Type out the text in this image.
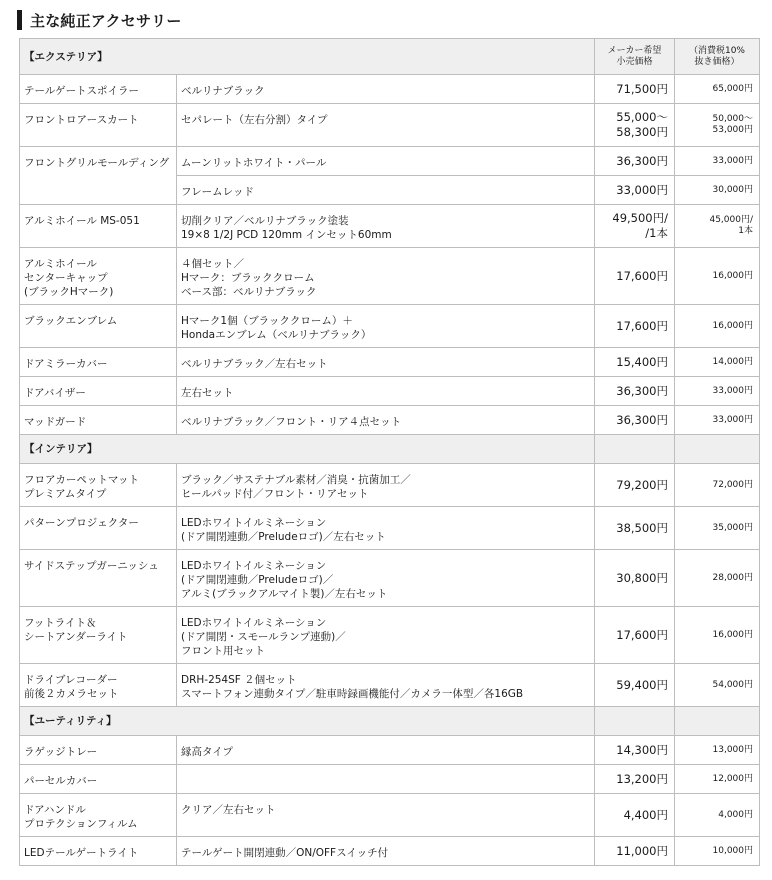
主な純正アクセサリー
【エクステリア】		メーカー希望
小売価格	（消費税10%
抜き価格）

テールゲートスポイラー	ベルリナブラック	71,500円	65,000円

フロントロアースカート	セパレート（左右分割）タイプ	55,000〜
58,300円	50,000〜
53,000円

フロントグリルモールディング	ムーンリットホワイト・パール	36,300円	33,000円

	フレームレッド	33,000円	30,000円

アルミホイール MS-051	切削クリア／ベルリナブラック塗装
19×8 1/2J PCD 120mm インセット60mm	49,500円/
/1本	45,000円/
1本

アルミホイール
センターキャップ
(ブラックHマーク)	４個セット／
Hマーク：ブラッククローム
ベース部：ベルリナブラック	17,600円	16,000円

ブラックエンブレム	Hマーク1個（ブラッククローム）＋
Hondaエンブレム（ベルリナブラック）	17,600円	16,000円

ドアミラーカバー	ベルリナブラック／左右セット	15,400円	14,000円

ドアバイザー	左右セット	36,300円	33,000円

マッドガード	ベルリナブラック／フロント・リア４点セット	36,300円	33,000円

【インテリア】			

フロアカーペットマット
プレミアムタイプ	ブラック／サステナブル素材／消臭・抗菌加工／
ヒールパッド付／フロント・リアセット	79,200円	72,000円

パターンプロジェクター	LEDホワイトイルミネーション
(ドア開閉連動／Preludeロゴ)／左右セット	38,500円	35,000円

サイドステップガーニッシュ	LEDホワイトイルミネーション
(ドア開閉連動／Preludeロゴ)／
アルミ(ブラックアルマイト製)／左右セット	30,800円	28,000円

フットライト＆
シートアンダーライト	LEDホワイトイルミネーション
(ドア開閉・スモールランプ連動)／
フロント用セット	17,600円	16,000円

ドライブレコーダー
前後２カメラセット	DRH-254SF ２個セット
スマートフォン連動タイプ／駐車時録画機能付／カメラ一体型／各16GB	59,400円	54,000円

【ユーティリティ】			

ラゲッジトレー	縁高タイプ	14,300円	13,000円

パーセルカバー		13,200円	12,000円

ドアハンドル
プロテクションフィルム	クリア／左右セット	4,400円	4,000円

LEDテールゲートライト	テールゲート開閉連動／ON/OFFスイッチ付	11,000円	10,000円
